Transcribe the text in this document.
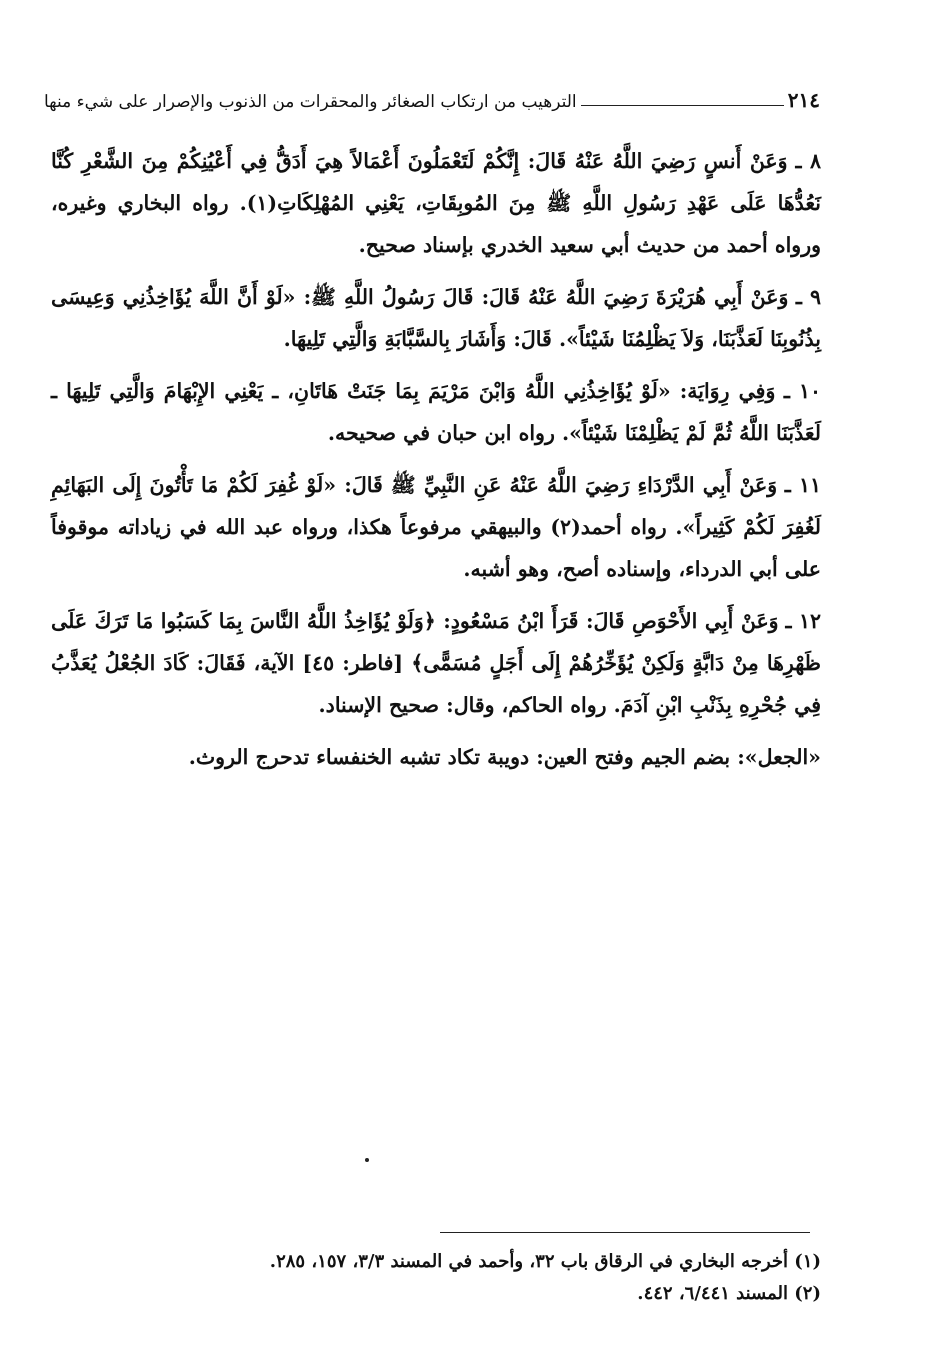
٢١٤
الترهيب من ارتكاب الصغائر والمحقرات من الذنوب والإصرار على شيء منها

٨ ـ وَعَنْ أَنسٍ رَضِيَ اللَّهُ عَنْهُ قَالَ: إِنَّكُمْ لَتَعْمَلُونَ أَعْمَالاً هِيَ أَدَقُّ فِي أَعْيُنِكُمْ مِنَ الشَّعْرِ كُنَّا نَعُدُّهَا عَلَى عَهْدِ رَسُولِ اللَّهِ ﷺ مِنَ المُوبِقَاتِ، يَعْنِي المُهْلِكَاتِ(١). رواه البخاري وغيره، ورواه أحمد من حديث أبي سعيد الخدري بإسناد صحيح.

٩ ـ وَعَنْ أَبِي هُرَيْرَةَ رَضِيَ اللَّهُ عَنْهُ قَالَ: قَالَ رَسُولُ اللَّهِ ﷺ: «لَوْ أَنَّ اللَّهَ يُؤَاخِذُنِي وَعِيسَى بِذُنُوبِنَا لَعَذَّبَنَا، وَلاَ يَظْلِمُنَا شَيْئاً». قَالَ: وَأَشَارَ بِالسَّبَّابَةِ وَالَّتِي تَلِيهَا.

١٠ ـ وَفِي رِوَايَة: «لَوْ يُؤَاخِذُنِي اللَّهُ وَابْنَ مَرْيَمَ بِمَا جَنَتْ هَاتَانِ، ـ يَعْنِي الإِبْهَامَ وَالَّتِي تَلِيهَا ـ لَعَذَّبَنَا اللَّهُ ثُمَّ لَمْ يَظْلِمْنَا شَيْئاً». رواه ابن حبان في صحيحه.

١١ ـ وَعَنْ أَبِي الدَّرْدَاءِ رَضِيَ اللَّهُ عَنْهُ عَنِ النَّبِيِّ ﷺ قَالَ: «لَوْ غُفِرَ لَكُمْ مَا تَأْتُونَ إِلَى البَهَائِمِ لَغُفِرَ لَكُمْ كَثِيراً». رواه أحمد(٢) والبيهقي مرفوعاً هكذا، ورواه عبد الله في زياداته موقوفاً على أبي الدرداء، وإسناده أصح، وهو أشبه.

١٢ ـ وَعَنْ أَبِي الأَحْوَصِ قَالَ: قَرَأَ ابْنُ مَسْعُودٍ: ﴿وَلَوْ يُؤَاخِذُ اللَّهُ النَّاسَ بِمَا كَسَبُوا مَا تَرَكَ عَلَى ظَهْرِهَا مِنْ دَابَّةٍ وَلَكِنْ يُؤَخِّرُهُمْ إِلَى أَجَلٍ مُسَمًّى﴾ [فاطر: ٤٥] الآية، فَقَالَ: كَادَ الجُعْلُ يُعَذَّبُ فِي جُحْرِهِ بِذَنْبِ ابْنِ آدَمَ. رواه الحاكم، وقال: صحيح الإسناد.

«الجعل»: بضم الجيم وفتح العين: دويبة تكاد تشبه الخنفساء تدحرج الروث.

(١) أخرجه البخاري في الرقاق باب ٣٢، وأحمد في المسند ٣/٣، ١٥٧، ٢٨٥.
(٢) المسند ٦/٤٤١، ٤٤٢.
